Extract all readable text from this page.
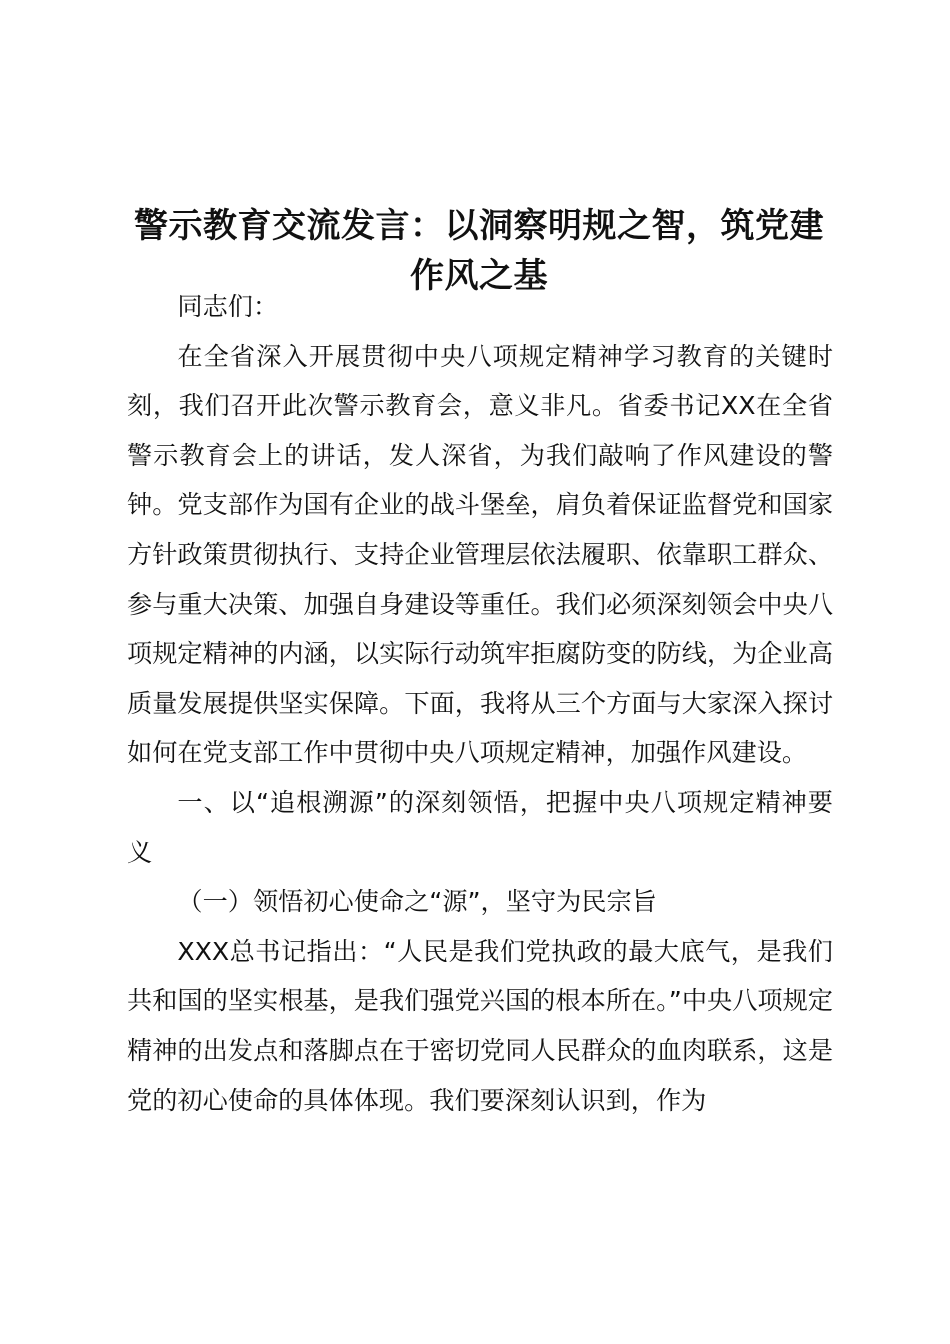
警示教育交流发言：以洞察明规之智，筑党建作风之基

同志们：

在全省深入开展贯彻中央八项规定精神学习教育的关键时刻，我们召开此次警示教育会，意义非凡。省委书记XX在全省警示教育会上的讲话，发人深省，为我们敲响了作风建设的警钟。党支部作为国有企业的战斗堡垒，肩负着保证监督党和国家方针政策贯彻执行、支持企业管理层依法履职、依靠职工群众、参与重大决策、加强自身建设等重任。我们必须深刻领会中央八项规定精神的内涵，以实际行动筑牢拒腐防变的防线，为企业高质量发展提供坚实保障。下面，我将从三个方面与大家深入探讨如何在党支部工作中贯彻中央八项规定精神，加强作风建设。

一、以“追根溯源”的深刻领悟，把握中央八项规定精神要义

（一）领悟初心使命之“源”，坚守为民宗旨

XXX总书记指出：“人民是我们党执政的最大底气，是我们共和国的坚实根基，是我们强党兴国的根本所在。”中央八项规定精神的出发点和落脚点在于密切党同人民群众的血肉联系，这是党的初心使命的具体体现。我们要深刻认识到，作为
